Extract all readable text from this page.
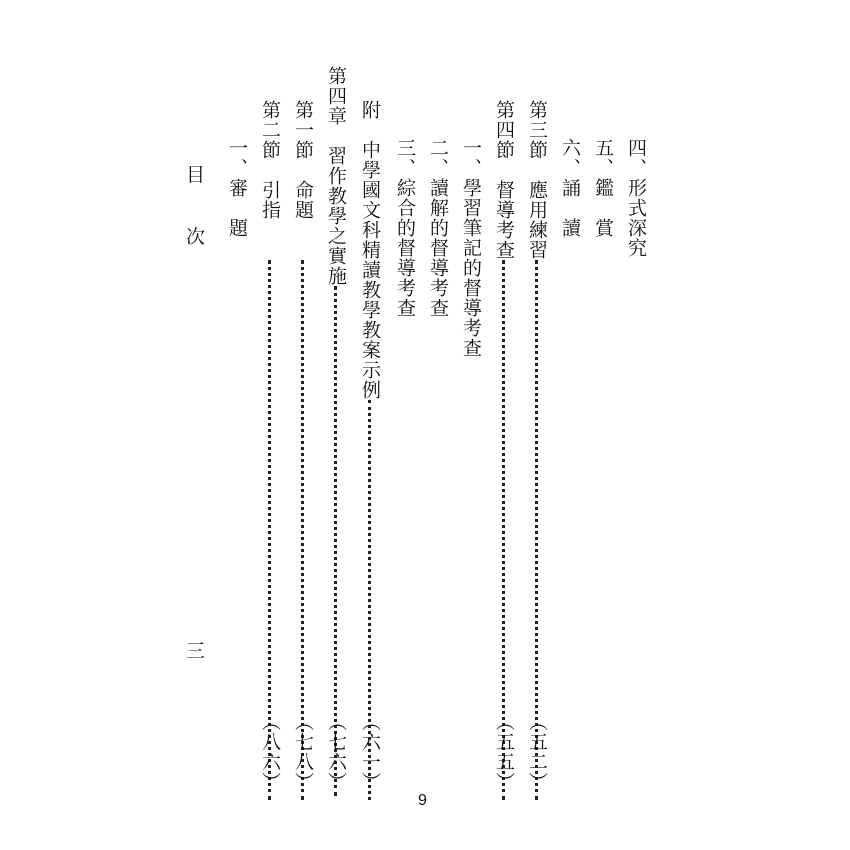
四、形式深究
五、鑑　賞
六、誦　讀
第三節　應用練習
（五二）
第四節　督導考查
（五五）
一、學習筆記的督導考查
二、讀解的督導考查
三、綜合的督導考查
附　中學國文科精讀教學教案示例
（六一）
第四章　習作教學之實施
（七六）
第一節　命題
（七八）
第二節　引指
（八六）
一、審　題
目
次
三
9
